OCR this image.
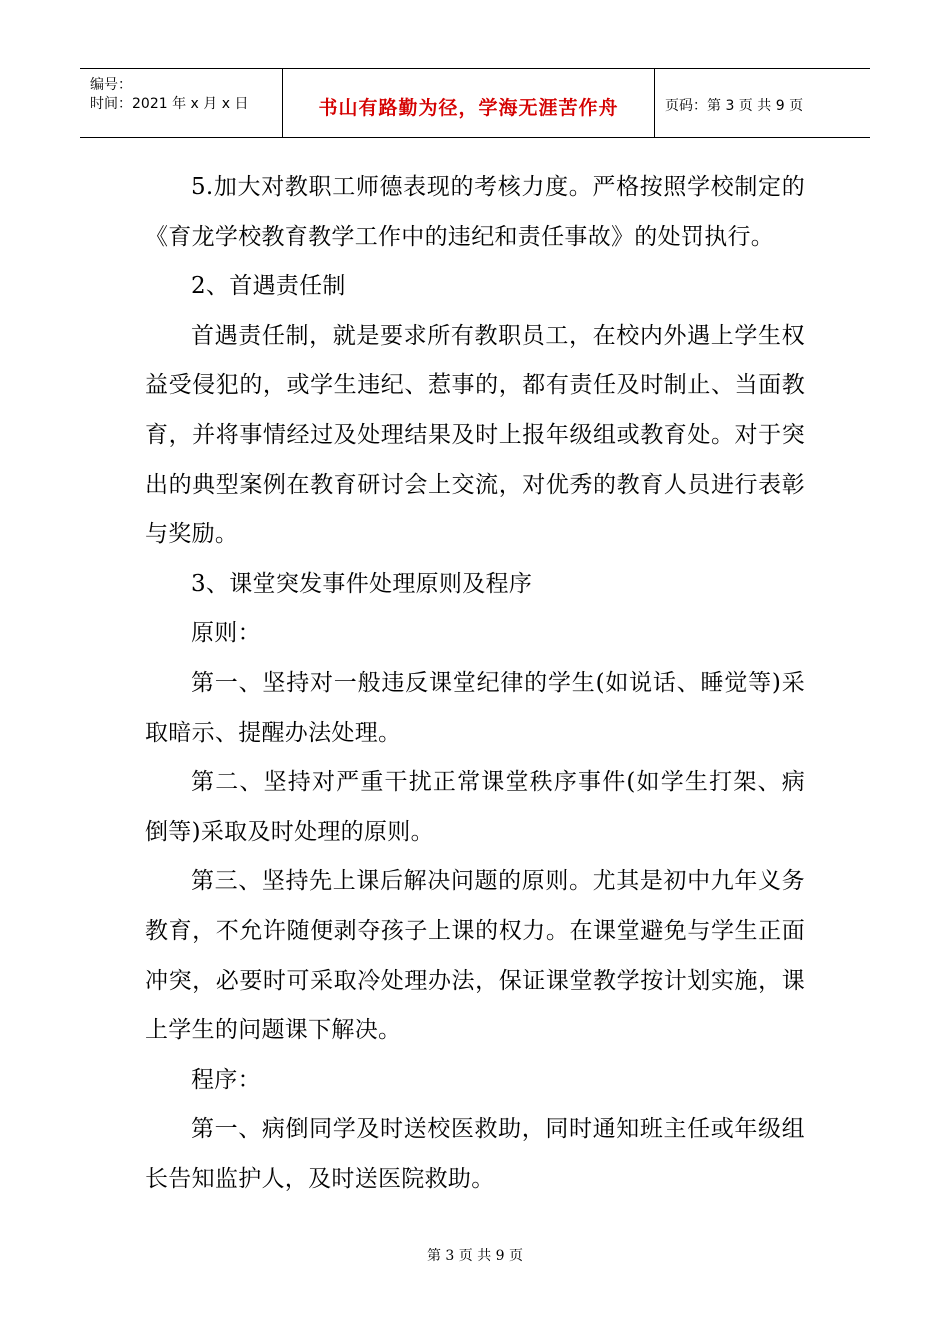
编号：
时间：2021 年 x 月 x 日	书山有路勤为径，学海无涯苦作舟	页码：第 3 页 共 9 页

5.加大对教职工师德表现的考核力度。严格按照学校制定的《育龙学校教育教学工作中的违纪和责任事故》的处罚执行。

2、首遇责任制

首遇责任制，就是要求所有教职员工，在校内外遇上学生权益受侵犯的，或学生违纪、惹事的，都有责任及时制止、当面教育，并将事情经过及处理结果及时上报年级组或教育处。对于突出的典型案例在教育研讨会上交流，对优秀的教育人员进行表彰与奖励。

3、课堂突发事件处理原则及程序

原则：

第一、坚持对一般违反课堂纪律的学生(如说话、睡觉等)采取暗示、提醒办法处理。

第二、坚持对严重干扰正常课堂秩序事件(如学生打架、病倒等)采取及时处理的原则。

第三、坚持先上课后解决问题的原则。尤其是初中九年义务教育，不允许随便剥夺孩子上课的权力。在课堂避免与学生正面冲突，必要时可采取冷处理办法，保证课堂教学按计划实施，课上学生的问题课下解决。

程序：

第一、病倒同学及时送校医救助，同时通知班主任或年级组长告知监护人，及时送医院救助。

第 3 页 共 9 页
